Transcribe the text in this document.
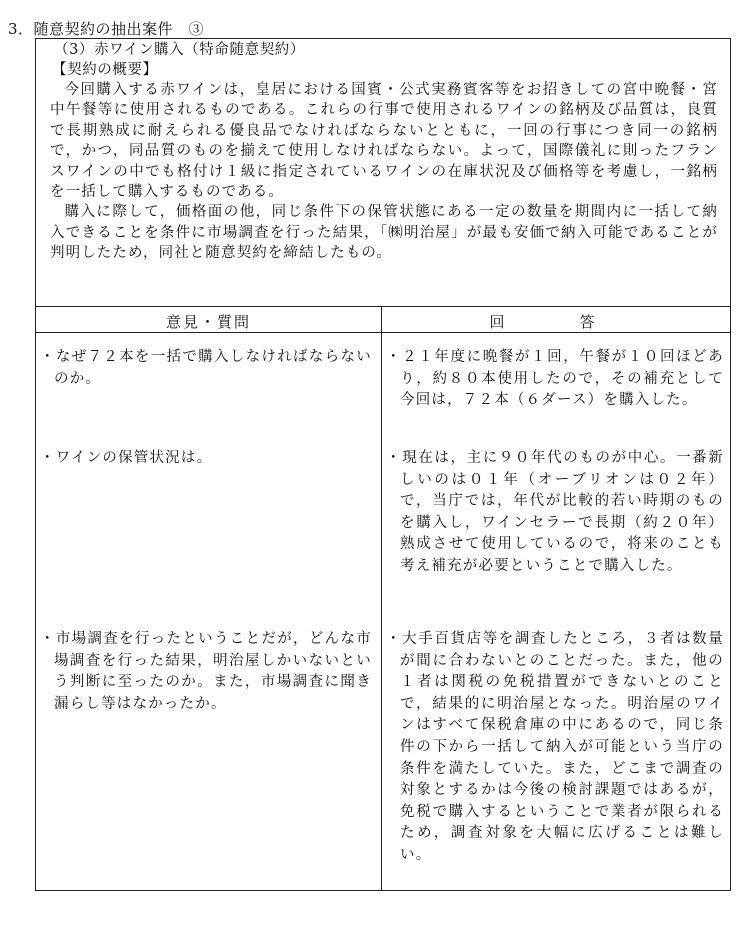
3．随意契約の抽出案件　③
（3）赤ワイン購入（特命随意契約）
【契約の概要】

今回購入する赤ワインは，皇居における国賓・公式実務賓客等をお招きしての宮中晩餐・宮中午餐等に使用されるものである。これらの行事で使用されるワインの銘柄及び品質は，良質で長期熟成に耐えられる優良品でなければならないとともに，一回の行事につき同一の銘柄で，かつ，同品質のものを揃えて使用しなければならない。よって，国際儀礼に則ったフランスワインの中でも格付け１級に指定されているワインの在庫状況及び価格等を考慮し，一銘柄を一括して購入するものである。

購入に際して，価格面の他，同じ条件下の保管状態にある一定の数量を期間内に一括して納入できることを条件に市場調査を行った結果，「㈱明治屋」が最も安価で納入可能であることが判明したため，同社と随意契約を締結したもの。

意見・質問	回　答
・なぜ７２本を一括で購入しなければならないのか。
・ワインの保管状況は。
・市場調査を行ったということだが，どんな市場調査を行った結果，明治屋しかいないという判断に至ったのか。また，市場調査に聞き漏らし等はなかったか。
・２１年度に晩餐が１回，午餐が１０回ほどあり，約８０本使用したので，その補充として今回は，７２本（６ダース）を購入した。
・現在は，主に９０年代のものが中心。一番新しいのは０１年（オーブリオンは０２年）で，当庁では，年代が比較的若い時期のものを購入し，ワインセラーで長期（約２０年）熟成させて使用しているので，将来のことも考え補充が必要ということで購入した。
・大手百貨店等を調査したところ，３者は数量が間に合わないとのことだった。また，他の１者は関税の免税措置ができないとのことで，結果的に明治屋となった。明治屋のワインはすべて保税倉庫の中にあるので，同じ条件の下から一括して納入が可能という当庁の条件を満たしていた。また，どこまで調査の対象とするかは今後の検討課題ではあるが，免税で購入するということで業者が限られるため，調査対象を大幅に広げることは難しい。
